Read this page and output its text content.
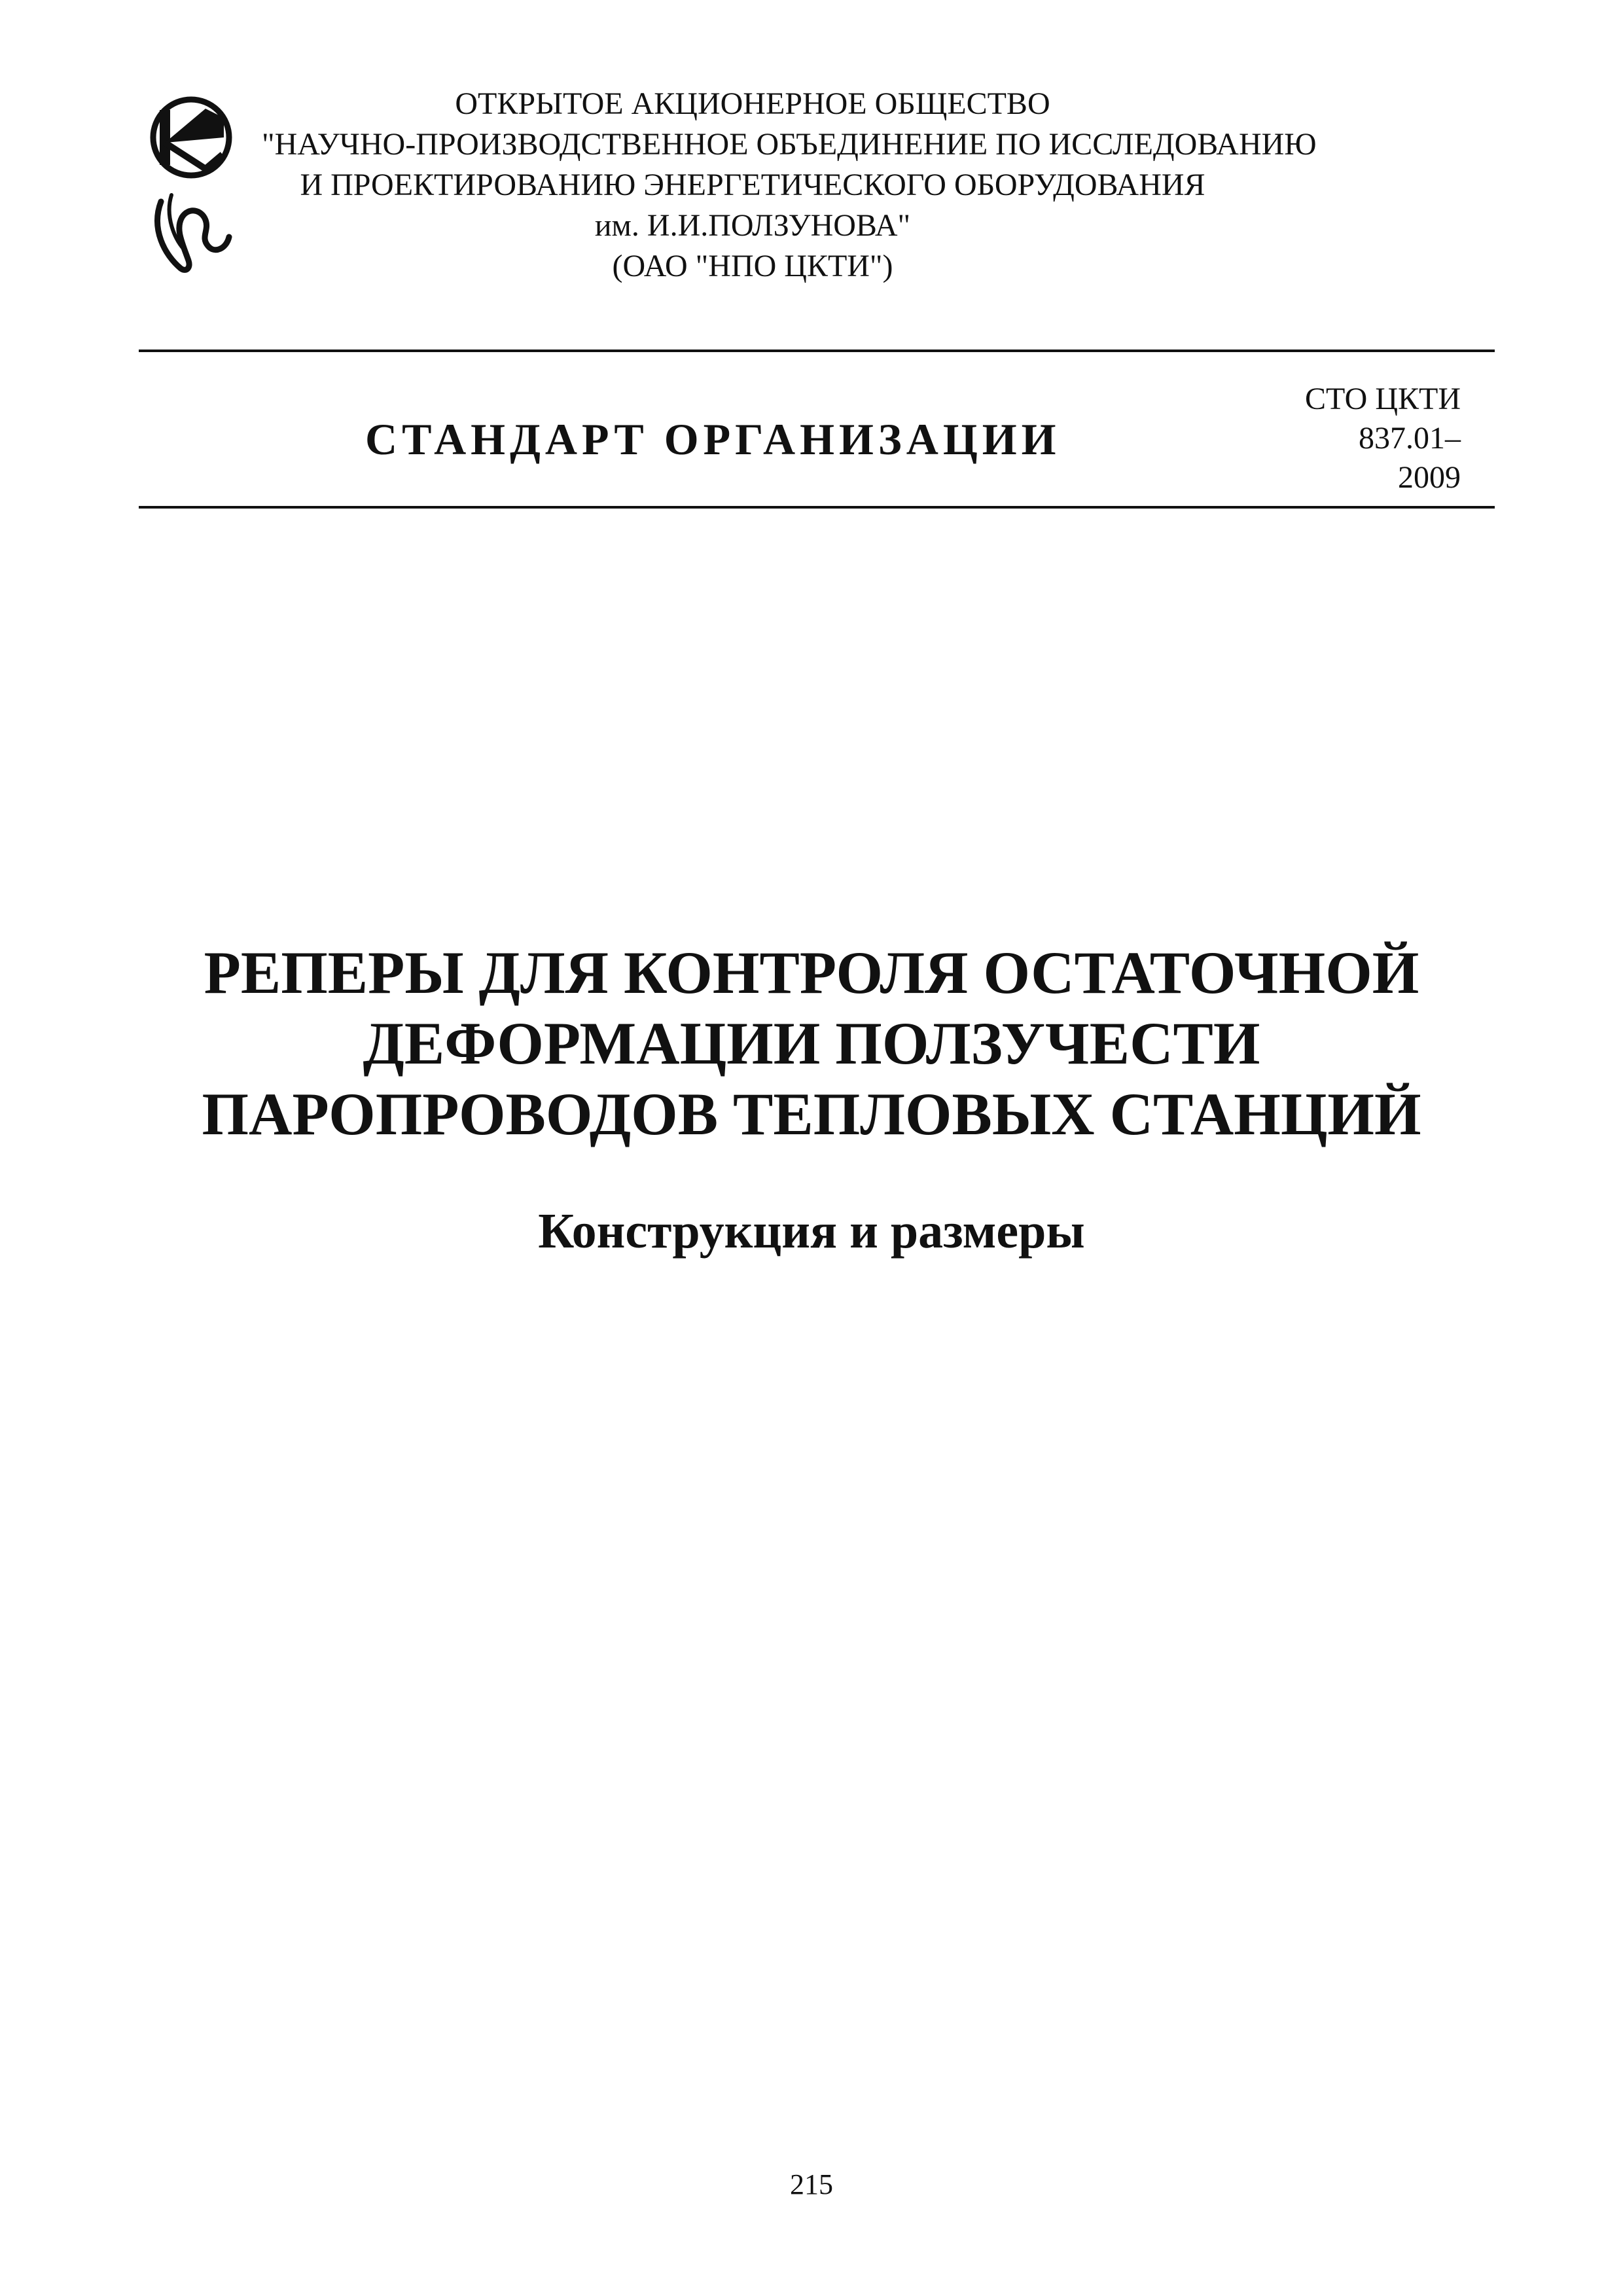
ОТКРЫТОЕ АКЦИОНЕРНОЕ ОБЩЕСТВО
"НАУЧНО-ПРОИЗВОДСТВЕННОЕ ОБЪЕДИНЕНИЕ ПО ИССЛЕДОВАНИЮ
И ПРОЕКТИРОВАНИЮ ЭНЕРГЕТИЧЕСКОГО ОБОРУДОВАНИЯ
им. И.И.ПОЛЗУНОВА"
(ОАО "НПО ЦКТИ")
СТАНДАРТ ОРГАНИЗАЦИИ
СТО ЦКТИ
837.01–
2009
РЕПЕРЫ ДЛЯ КОНТРОЛЯ ОСТАТОЧНОЙ
ДЕФОРМАЦИИ ПОЛЗУЧЕСТИ
ПАРОПРОВОДОВ ТЕПЛОВЫХ СТАНЦИЙ
Конструкция и размеры
215
